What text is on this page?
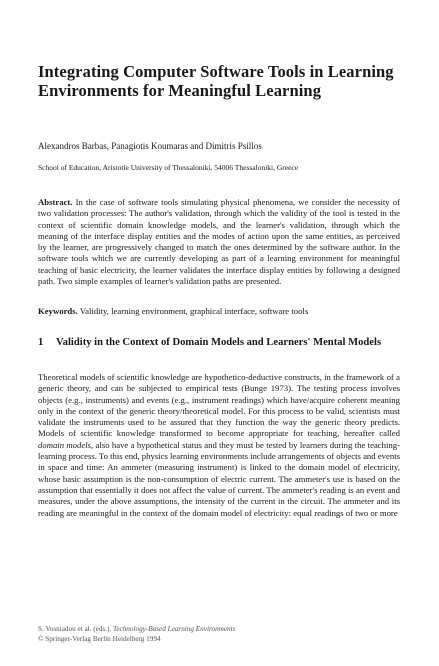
Integrating Computer Software Tools in Learning Environments for Meaningful Learning
Alexandros Barbas, Panagiotis Koumaras and Dimitris Psillos
School of Education, Aristotle University of Thessaloniki, 54006 Thessaloniki, Greece
Abstract. In the case of software tools simulating physical phenomena, we consider the necessity of two validation processes: The author's validation, through which the validity of the tool is tested in the context of scientific domain knowledge models, and the learner's validation, through which the meaning of the interface display entities and the modes of action upon the same entities, as perceived by the learner, are progressively changed to match the ones determined by the software author. In the software tools which we are currently developing as part of a learning environment for meaningful teaching of basic electricity, the learner validates the interface display entities by following a designed path. Two simple examples of learner's validation paths are presented.
Keywords. Validity, learning environment, graphical interface, software tools
1 Validity in the Context of Domain Models and Learners' Mental Models
Theoretical models of scientific knowledge are hypothetico-deductive constructs, in the framework of a generic theory, and can be subjected to empirical tests (Bunge 1973). The testing process involves objects (e.g., instruments) and events (e.g., instrument readings) which have/acquire coherent meaning only in the context of the generic theory/theoretical model. For this process to be valid, scientists must validate the instruments used to be assured that they function the way the generic theory predicts. Models of scientific knowledge transformed to become appropriate for teaching, hereafter called domain models, also have a hypothetical status and they must be tested by learners during the teaching-learning process. To this end, physics learning environments include arrangements of objects and events in space and time: An ammeter (measuring instrument) is linked to the domain model of electricity, whose basic assumption is the non-consumption of electric current. The ammeter's use is based on the assumption that essentially it does not affect the value of current. The ammeter's reading is an event and measures, under the above assumptions, the intensity of the current in the circuit. The ammeter and its reading are meaningful in the context of the domain model of electricity: equal readings of two or more
S. Vosniadou et al. (eds.), Technology-Based Learning Environments
© Springer-Verlag Berlin Heidelberg 1994
